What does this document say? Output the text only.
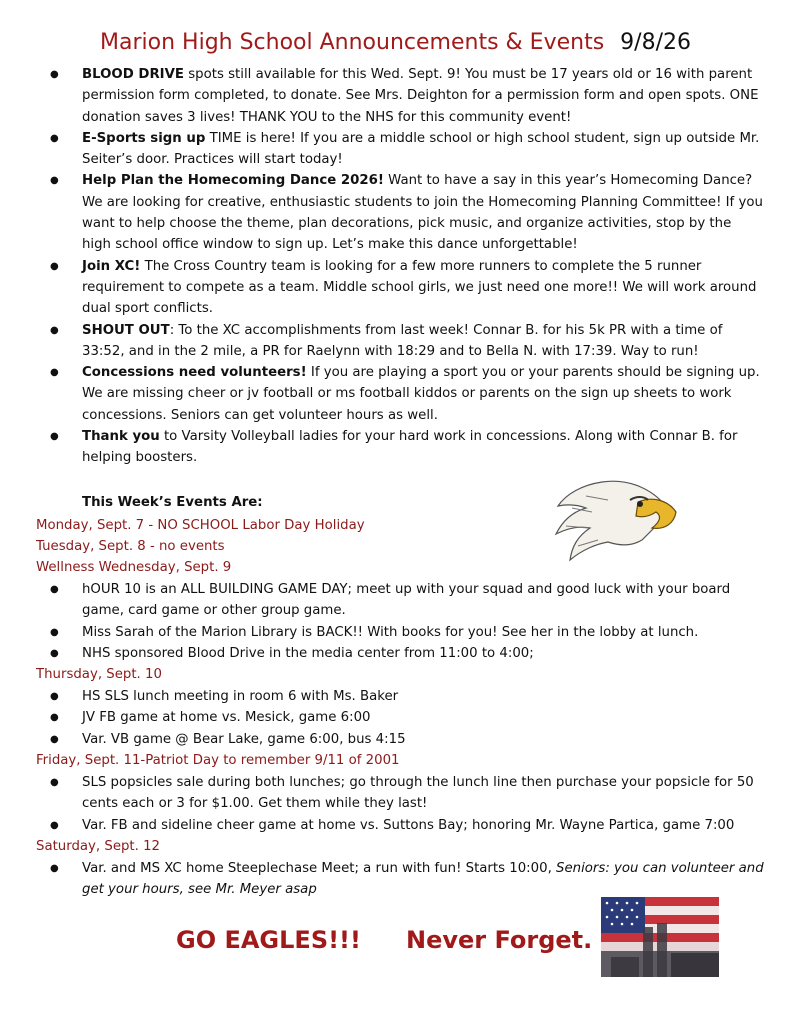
Marion High School Announcements & Events 9/8/26
● BLOOD DRIVE spots still available for this Wed. Sept. 9! You must be 17 years old or 16 with parent permission form completed, to donate. See Mrs. Deighton for a permission form and open spots. ONE donation saves 3 lives! THANK YOU to the NHS for this community event!
● E-Sports sign up TIME is here! If you are a middle school or high school student, sign up outside Mr. Seiter’s door. Practices will start today!
● Help Plan the Homecoming Dance 2026! Want to have a say in this year’s Homecoming Dance? We are looking for creative, enthusiastic students to join the Homecoming Planning Committee! If you want to help choose the theme, plan decorations, pick music, and organize activities, stop by the high school office window to sign up. Let’s make this dance unforgettable!
● Join XC! The Cross Country team is looking for a few more runners to complete the 5 runner requirement to compete as a team. Middle school girls, we just need one more!! We will work around dual sport conflicts.
● SHOUT OUT: To the XC accomplishments from last week! Connar B. for his 5k PR with a time of 33:52, and in the 2 mile, a PR for Raelynn with 18:29 and to Bella N. with 17:39. Way to run!
● Concessions need volunteers! If you are playing a sport you or your parents should be signing up. We are missing cheer or jv football or ms football kiddos or parents on the sign up sheets to work concessions. Seniors can get volunteer hours as well.
● Thank you to Varsity Volleyball ladies for your hard work in concessions. Along with Connar B. for helping boosters.
This Week’s Events Are:
Monday, Sept. 7 - NO SCHOOL Labor Day Holiday
Tuesday, Sept. 8 - no events
Wellness Wednesday, Sept. 9
● hOUR 10 is an ALL BUILDING GAME DAY; meet up with your squad and good luck with your board game, card game or other group game.
● Miss Sarah of the Marion Library is BACK!! With books for you! See her in the lobby at lunch.
● NHS sponsored Blood Drive in the media center from 11:00 to 4:00;
Thursday, Sept. 10
● HS SLS lunch meeting in room 6 with Ms. Baker
● JV FB game at home vs. Mesick, game 6:00
● Var. VB game @ Bear Lake, game 6:00, bus 4:15
Friday, Sept. 11-Patriot Day to remember 9/11 of 2001
● SLS popsicles sale during both lunches; go through the lunch line then purchase your popsicle for 50 cents each or 3 for $1.00. Get them while they last!
● Var. FB and sideline cheer game at home vs. Suttons Bay; honoring Mr. Wayne Partica, game 7:00
Saturday, Sept. 12
● Var. and MS XC home Steeplechase Meet; a run with fun! Starts 10:00, Seniors: you can volunteer and get your hours, see Mr. Meyer asap
GO EAGLES!!! Never Forget.
